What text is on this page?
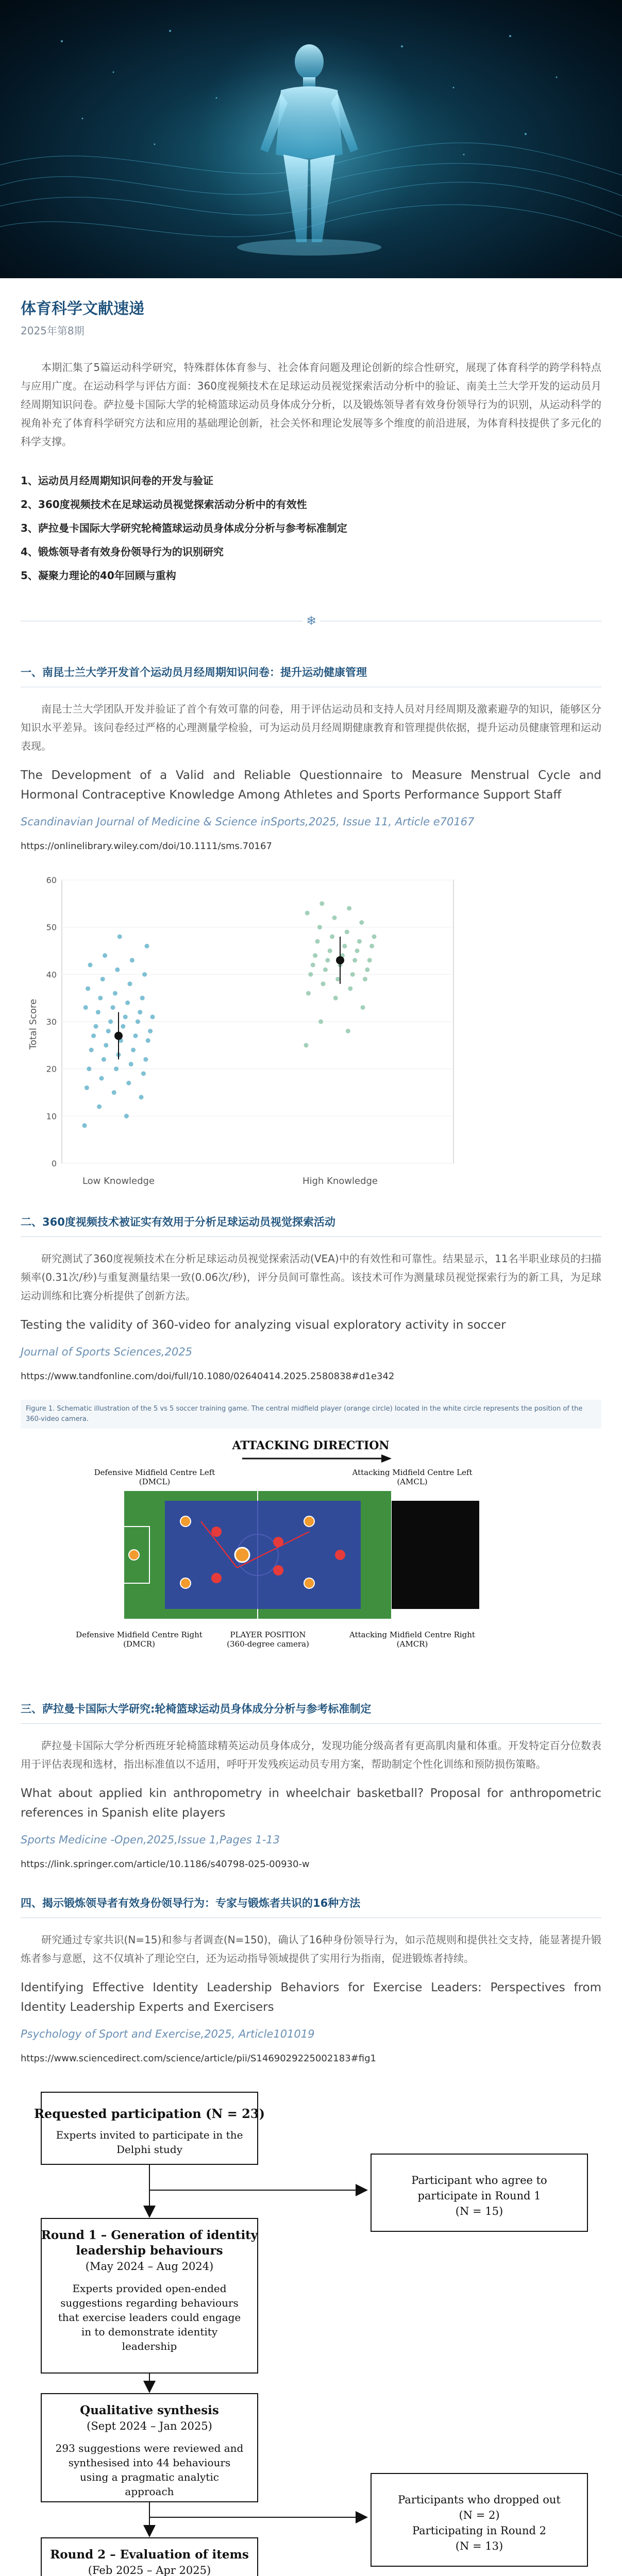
体育科学文献速递
2025年第8期

本期汇集了5篇运动科学研究，特殊群体体育参与、社会体育问题及理论创新的综合性研究，展现了体育科学的跨学科特点与应用广度。在运动科学与评估方面：360度视频技术在足球运动员视觉探索活动分析中的验证、南美土兰大学开发的运动员月经周期知识问卷。萨拉曼卡国际大学的轮椅篮球运动员身体成分分析，以及锻炼领导者有效身份领导行为的识别，从运动科学的视角补充了体育科学研究方法和应用的基础理论创新，社会关怀和理论发展等多个维度的前沿进展，为体育科技提供了多元化的科学支撑。

1、运动员月经周期知识问卷的开发与验证
2、360度视频技术在足球运动员视觉探索活动分析中的有效性
3、萨拉曼卡国际大学研究轮椅篮球运动员身体成分分析与参考标准制定
4、锻炼领导者有效身份领导行为的识别研究
5、凝聚力理论的40年回顾与重构
❄
一、南昆士兰大学开发首个运动员月经周期知识问卷：提升运动健康管理

南昆士兰大学团队开发并验证了首个有效可靠的问卷，用于评估运动员和支持人员对月经周期及激素避孕的知识，能够区分知识水平差异。该问卷经过严格的心理测量学检验，可为运动员月经周期健康教育和管理提供依据，提升运动员健康管理和运动表现。

The Development of a Valid and Reliable Questionnaire to Measure Menstrual Cycle and Hormonal Contraceptive Knowledge Among Athletes and Sports Performance Support Staff
Scandinavian Journal of Medicine & Science inSports,2025, Issue 11, Article e70167
https://onlinelibrary.wiley.com/doi/10.1111/sms.70167
0
10
20
30
40
50
60
Total Score
Low Knowledge	High Knowledge
二、360度视频技术被证实有效用于分析足球运动员视觉探索活动

研究测试了360度视频技术在分析足球运动员视觉探索活动(VEA)中的有效性和可靠性。结果显示，11名半职业球员的扫描频率(0.31次/秒)与重复测量结果一致(0.06次/秒)，评分员间可靠性高。该技术可作为测量球员视觉探索行为的新工具，为足球运动训练和比赛分析提供了创新方法。

Testing the validity of 360-video for analyzing visual exploratory activity in soccer
Journal of Sports Sciences,2025
https://www.tandfonline.com/doi/full/10.1080/02640414.2025.2580838#d1e342
Figure 1. Schematic illustration of the 5 vs 5 soccer training game. The central midfield player (orange circle) located in the white circle represents the position of the 360-video camera.
ATTACKING DIRECTION
Defensive Midfield Centre Left
(DMCL)
Attacking Midfield Centre Left
(AMCL)
Defensive Midfield Centre Right
(DMCR)
PLAYER POSITION
(360-degree camera)
Attacking Midfield Centre Right
(AMCR)
三、萨拉曼卡国际大学研究:轮椅篮球运动员身体成分分析与参考标准制定

萨拉曼卡国际大学分析西班牙轮椅篮球精英运动员身体成分，发现功能分级高者有更高肌肉量和体重。开发特定百分位数表用于评估表现和选材，指出标准值以不适用，呼吁开发残疾运动员专用方案，帮助制定个性化训练和预防损伤策略。

What about applied kin anthropometry in wheelchair basketball? Proposal for anthropometric references in Spanish elite players
Sports Medicine -Open,2025,Issue 1,Pages 1-13
https://link.springer.com/article/10.1186/s40798-025-00930-w
四、揭示锻炼领导者有效身份领导行为：专家与锻炼者共识的16种方法

研究通过专家共识(N=15)和参与者调查(N=150)，确认了16种身份领导行为，如示范规则和提供社交支持，能显著提升锻炼者参与意愿，这不仅填补了理论空白，还为运动指导领域提供了实用行为指南，促进锻炼者持续。

Identifying Effective Identity Leadership Behaviors for Exercise Leaders: Perspectives from Identity Leadership Experts and Exercisers
Psychology of Sport and Exercise,2025, Article101019
https://www.sciencedirect.com/science/article/pii/S1469029225002183#fig1
Requested participation (N = 23)
Experts invited to participate in the
Delphi study
Participant who agree to
participate in Round 1
(N = 15)
Round 1 – Generation of identity
leadership behaviours
(May 2024 – Aug 2024)
Experts provided open-ended
suggestions regarding behaviours
that exercise leaders could engage
in to demonstrate identity
leadership
Qualitative synthesis
(Sept 2024 – Jan 2025)
293 suggestions were reviewed and
synthesised into 44 behaviours
using a pragmatic analytic
approach
Participants who dropped out
(N = 2)
Participating in Round 2
(N = 13)
Round 2 – Evaluation of items
(Feb 2025 – Apr 2025)
